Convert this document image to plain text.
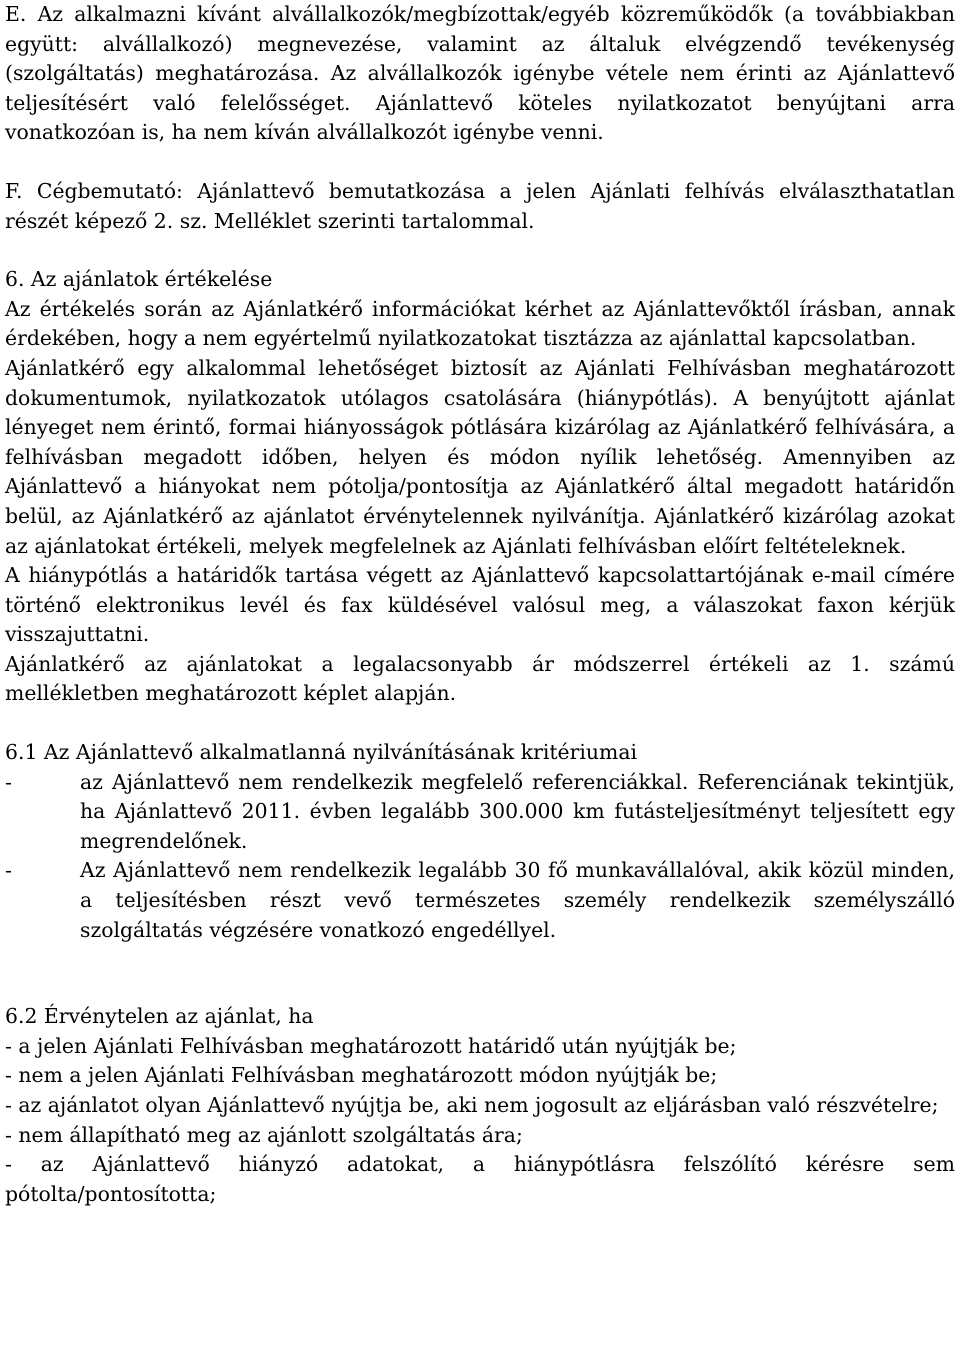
E. Az alkalmazni kívánt alvállalkozók/megbízottak/egyéb közreműködők (a továbbiakban együtt: alvállalkozó) megnevezése, valamint az általuk elvégzendő tevékenység (szolgáltatás) meghatározása. Az alvállalkozók igénybe vétele nem érinti az Ajánlattevő teljesítésért való felelősséget. Ajánlattevő köteles nyilatkozatot benyújtani arra vonatkozóan is, ha nem kíván alvállalkozót igénybe venni.

F. Cégbemutató: Ajánlattevő bemutatkozása a jelen Ajánlati felhívás elválaszthatatlan részét képező 2. sz. Melléklet szerinti tartalommal.

6. Az ajánlatok értékelése

Az értékelés során az Ajánlatkérő információkat kérhet az Ajánlattevőktől írásban, annak érdekében, hogy a nem egyértelmű nyilatkozatokat tisztázza az ajánlattal kapcsolatban.

Ajánlatkérő egy alkalommal lehetőséget biztosít az Ajánlati Felhívásban meghatározott dokumentumok, nyilatkozatok utólagos csatolására (hiánypótlás). A benyújtott ajánlat lényeget nem érintő, formai hiányosságok pótlására kizárólag az Ajánlatkérő felhívására, a felhívásban megadott időben, helyen és módon nyílik lehetőség. Amennyiben az Ajánlattevő a hiányokat nem pótolja/pontosítja az Ajánlatkérő által megadott határidőn belül, az Ajánlatkérő az ajánlatot érvénytelennek nyilvánítja. Ajánlatkérő kizárólag azokat az ajánlatokat értékeli, melyek megfelelnek az Ajánlati felhívásban előírt feltételeknek.

A hiánypótlás a határidők tartása végett az Ajánlattevő kapcsolattartójának e-mail címére történő elektronikus levél és fax küldésével valósul meg, a válaszokat faxon kérjük visszajuttatni.

Ajánlatkérő az ajánlatokat a legalacsonyabb ár módszerrel értékeli az 1. számú mellékletben meghatározott képlet alapján.

6.1 Az Ajánlattevő alkalmatlanná nyilvánításának kritériumai

-	az Ajánlattevő nem rendelkezik megfelelő referenciákkal. Referenciának tekintjük, ha Ajánlattevő 2011. évben legalább 300.000 km futásteljesítményt teljesített egy megrendelőnek.
-	Az Ajánlattevő nem rendelkezik legalább 30 fő munkavállalóval, akik közül minden, a teljesítésben részt vevő természetes személy rendelkezik személyszálló szolgáltatás végzésére vonatkozó engedéllyel.

6.2 Érvénytelen az ajánlat, ha

- a jelen Ajánlati Felhívásban meghatározott határidő után nyújtják be;
- nem a jelen Ajánlati Felhívásban meghatározott módon nyújtják be;
- az ajánlatot olyan Ajánlattevő nyújtja be, aki nem jogosult az eljárásban való részvételre;
- nem állapítható meg az ajánlott szolgáltatás ára;
- az Ajánlattevő hiányzó adatokat, a hiánypótlásra felszólító kérésre sem pótolta/pontosította;
